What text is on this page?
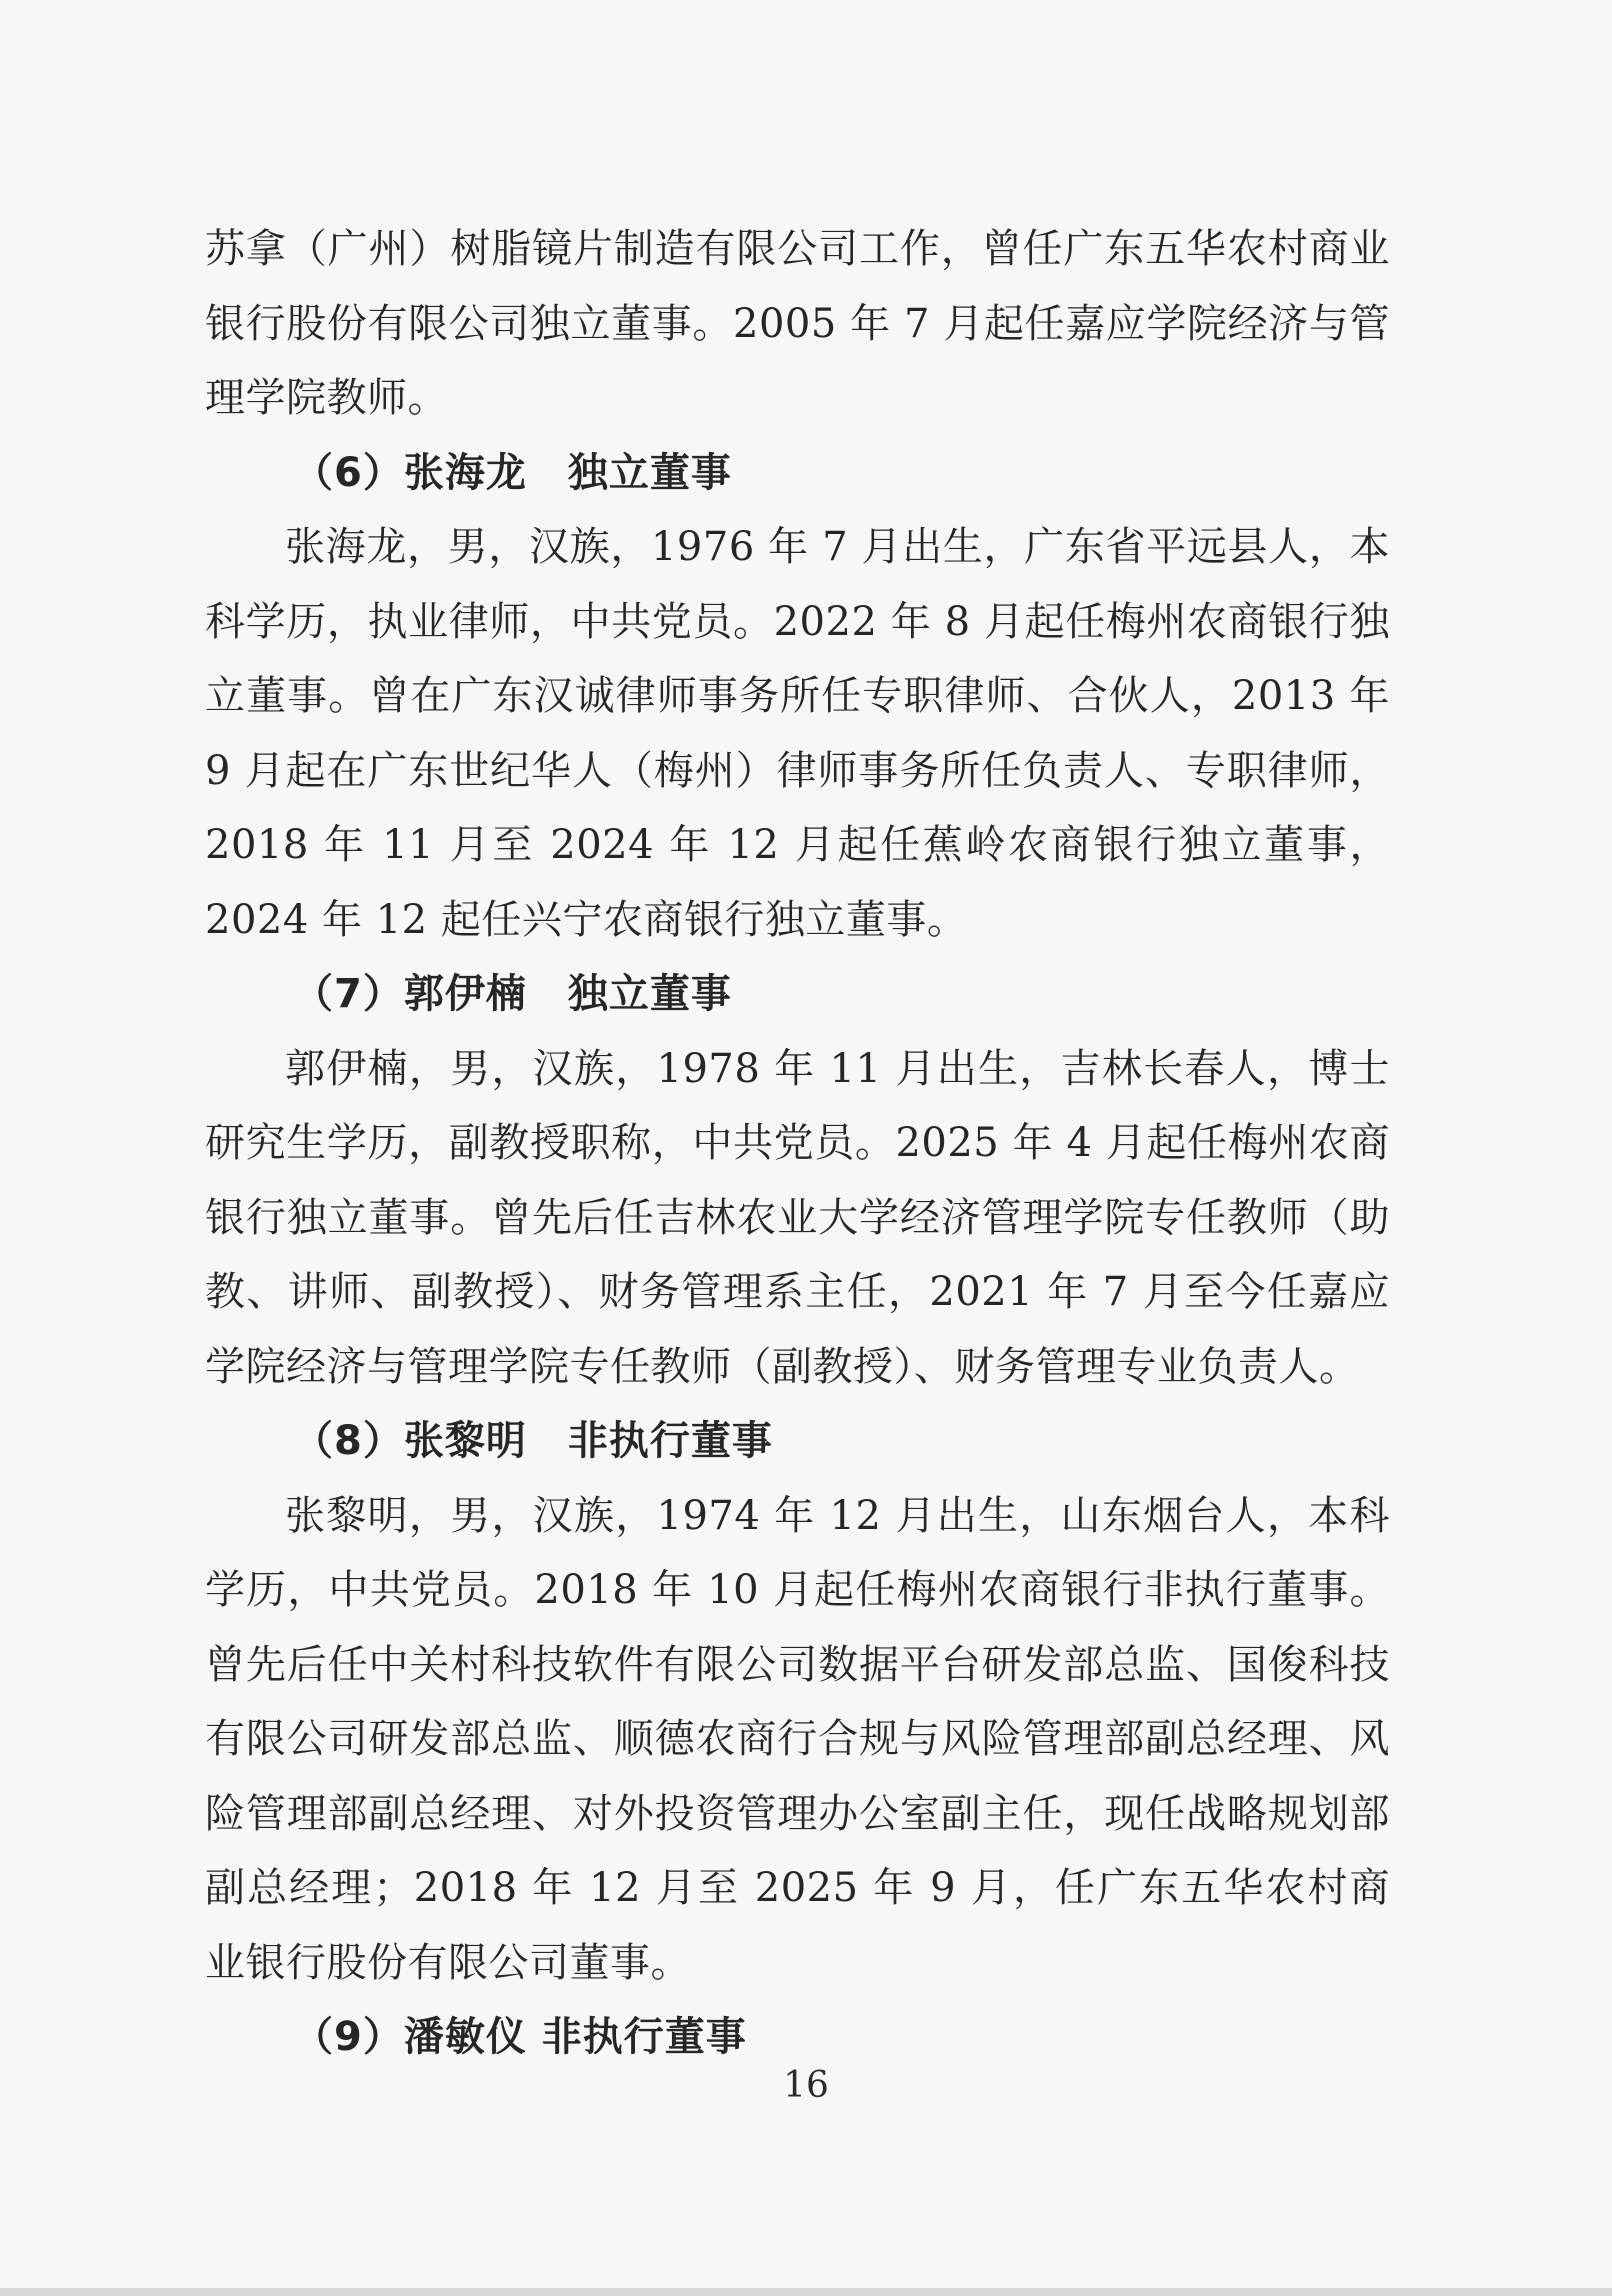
苏拿（广州）树脂镜片制造有限公司工作，曾任广东五华农村商业银行股份有限公司独立董事。2005 年 7 月起任嘉应学院经济与管理学院教师。

（6）张海龙　独立董事

张海龙，男，汉族，1976 年 7 月出生，广东省平远县人，本科学历，执业律师，中共党员。2022 年 8 月起任梅州农商银行独立董事。曾在广东汉诚律师事务所任专职律师、合伙人，2013 年 9 月起在广东世纪华人（梅州）律师事务所任负责人、专职律师，2018 年 11 月至 2024 年 12 月起任蕉岭农商银行独立董事，2024 年 12 起任兴宁农商银行独立董事。

（7）郭伊楠　独立董事

郭伊楠，男，汉族，1978 年 11 月出生，吉林长春人，博士研究生学历，副教授职称，中共党员。2025 年 4 月起任梅州农商银行独立董事。曾先后任吉林农业大学经济管理学院专任教师（助教、讲师、副教授）、财务管理系主任，2021 年 7 月至今任嘉应学院经济与管理学院专任教师（副教授）、财务管理专业负责人。

（8）张黎明　非执行董事

张黎明，男，汉族，1974 年 12 月出生，山东烟台人，本科学历，中共党员。2018 年 10 月起任梅州农商银行非执行董事。曾先后任中关村科技软件有限公司数据平台研发部总监、国俊科技有限公司研发部总监、顺德农商行合规与风险管理部副总经理、风险管理部副总经理、对外投资管理办公室副主任，现任战略规划部副总经理；2018 年 12 月至 2025 年 9 月，任广东五华农村商业银行股份有限公司董事。

（9）潘敏仪 非执行董事

16
